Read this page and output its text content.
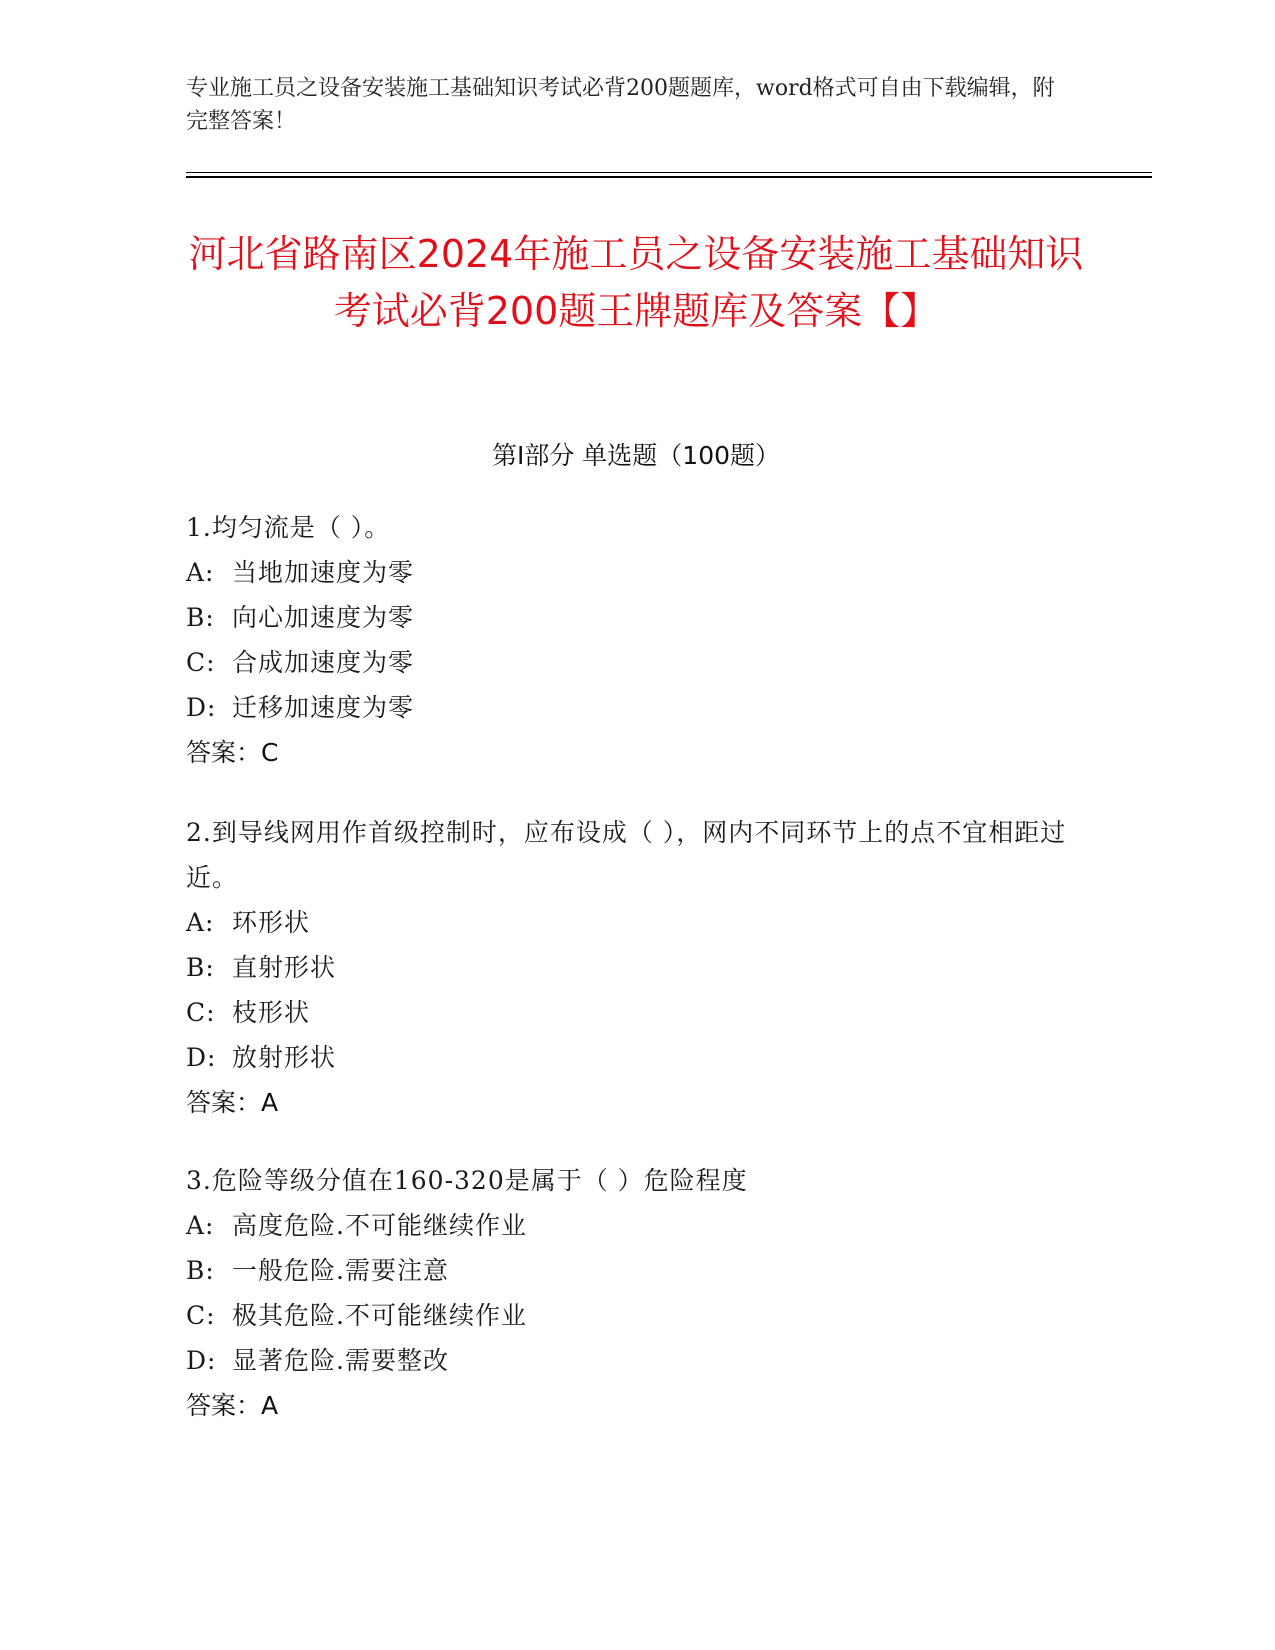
专业施工员之设备安装施工基础知识考试必背200题题库，word格式可自由下载编辑，附完整答案！
河北省路南区2024年施工员之设备安装施工基础知识考试必背200题王牌题库及答案【】
第I部分 单选题（100题）
1.均匀流是（ ）。
A: 当地加速度为零
B: 向心加速度为零
C: 合成加速度为零
D: 迁移加速度为零
答案：C
2.到导线网用作首级控制时，应布设成（ ），网内不同环节上的点不宜相距过近。
A: 环形状
B: 直射形状
C: 枝形状
D: 放射形状
答案：A
3.危险等级分值在160-320是属于（ ）危险程度
A: 高度危险.不可能继续作业
B: 一般危险.需要注意
C: 极其危险.不可能继续作业
D: 显著危险.需要整改
答案：A
